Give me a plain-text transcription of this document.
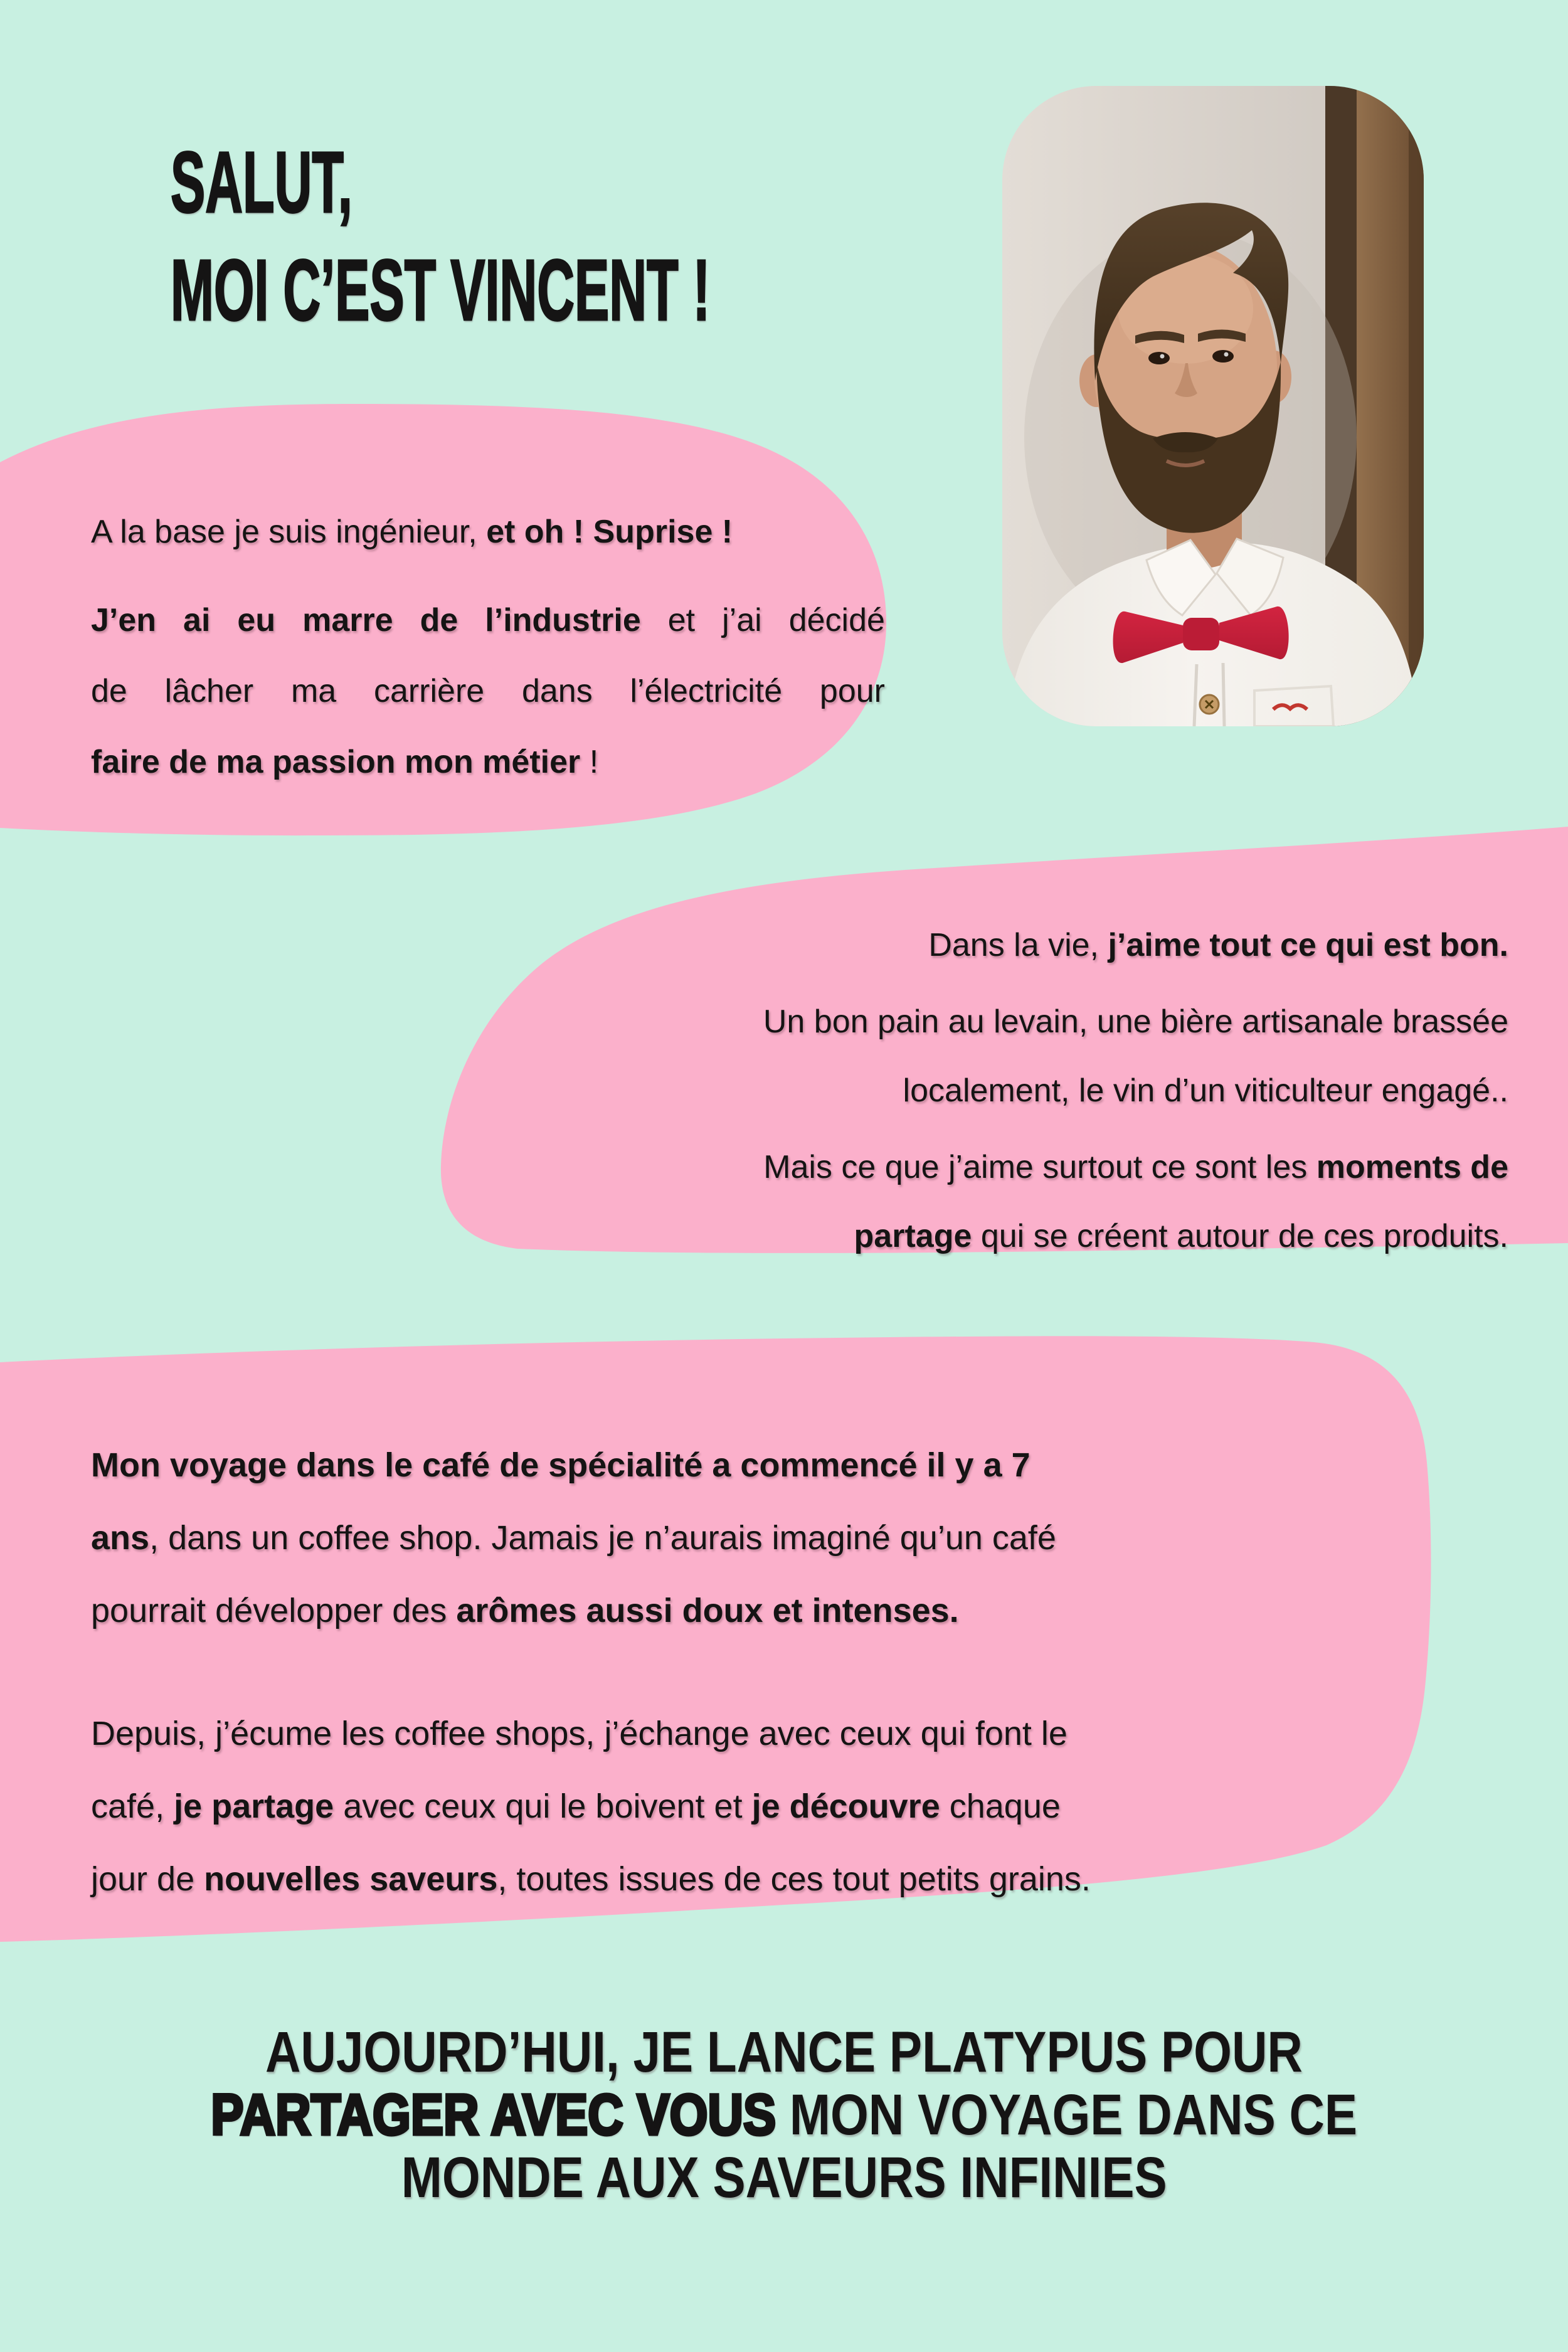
SALUT,
MOI C’EST VINCENT !
A la base je suis ingénieur, et oh ! Suprise !
J’en ai eu marre de l’industrie et j’ai décidé
de lâcher ma carrière dans l’électricité pour
faire de ma passion mon métier !
Dans la vie, j’aime tout ce qui est bon.
Un bon pain au levain, une bière artisanale brassée
localement, le vin d’un viticulteur engagé..
Mais ce que j’aime surtout ce sont les moments de
partage qui se créent autour de ces produits.
Mon voyage dans le café de spécialité a commencé il y a 7
ans, dans un coffee shop. Jamais je n’aurais imaginé qu’un café
pourrait développer des arômes aussi doux et intenses.
Depuis, j’écume les coffee shops, j’échange avec ceux qui font le
café, je partage avec ceux qui le boivent et je découvre chaque
jour de nouvelles saveurs, toutes issues de ces tout petits grains.
AUJOURD’HUI, JE LANCE PLATYPUS POUR
PARTAGER AVEC VOUS MON VOYAGE DANS CE
MONDE AUX SAVEURS INFINIES
